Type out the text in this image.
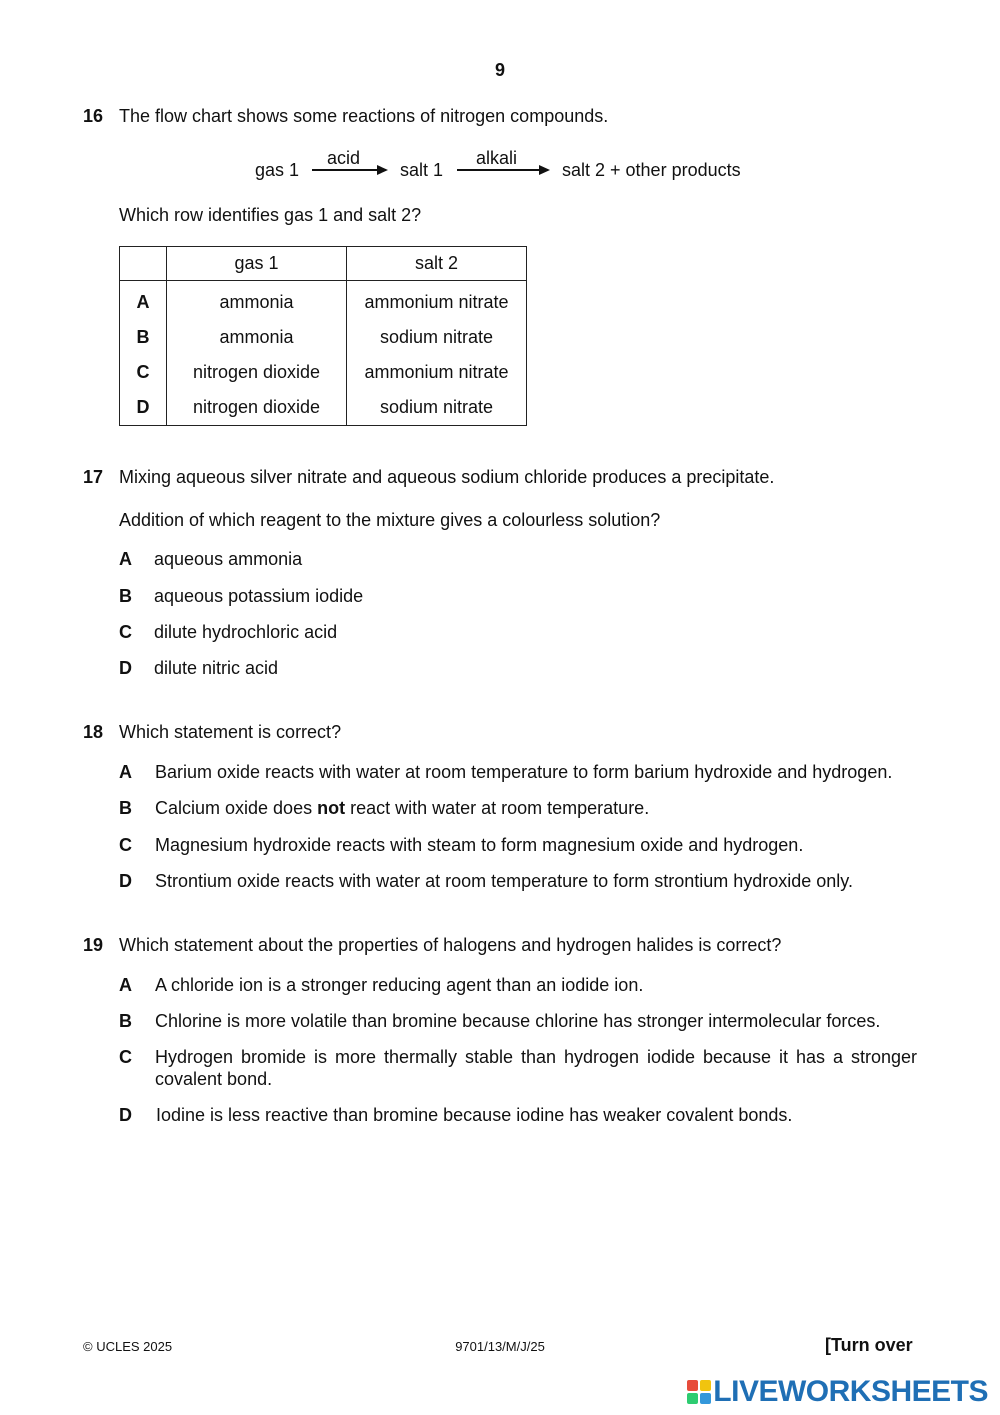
9
16 The flow chart shows some reactions of nitrogen compounds.
gas 1
acid
salt 1
alkali
salt 2 + other products
Which row identifies gas 1 and salt 2?
	gas 1	salt 2
A	ammonia	ammonium nitrate
B	ammonia	sodium nitrate
C	nitrogen dioxide	ammonium nitrate
D	nitrogen dioxide	sodium nitrate
17 Mixing aqueous silver nitrate and aqueous sodium chloride produces a precipitate.
Addition of which reagent to the mixture gives a colourless solution?
A aqueous ammonia
B aqueous potassium iodide
C dilute hydrochloric acid
D dilute nitric acid
18 Which statement is correct?
A Barium oxide reacts with water at room temperature to form barium hydroxide and hydrogen.
B Calcium oxide does not react with water at room temperature.
C Magnesium hydroxide reacts with steam to form magnesium oxide and hydrogen.
D Strontium oxide reacts with water at room temperature to form strontium hydroxide only.
19 Which statement about the properties of halogens and hydrogen halides is correct?
A A chloride ion is a stronger reducing agent than an iodide ion.
B Chlorine is more volatile than bromine because chlorine has stronger intermolecular forces.
C Hydrogen bromide is more thermally stable than hydrogen iodide because it has a stronger
covalent bond.
D Iodine is less reactive than bromine because iodine has weaker covalent bonds.
© UCLES 2025	9701/13/M/J/25	[Turn over
LIVEWORKSHEETS
